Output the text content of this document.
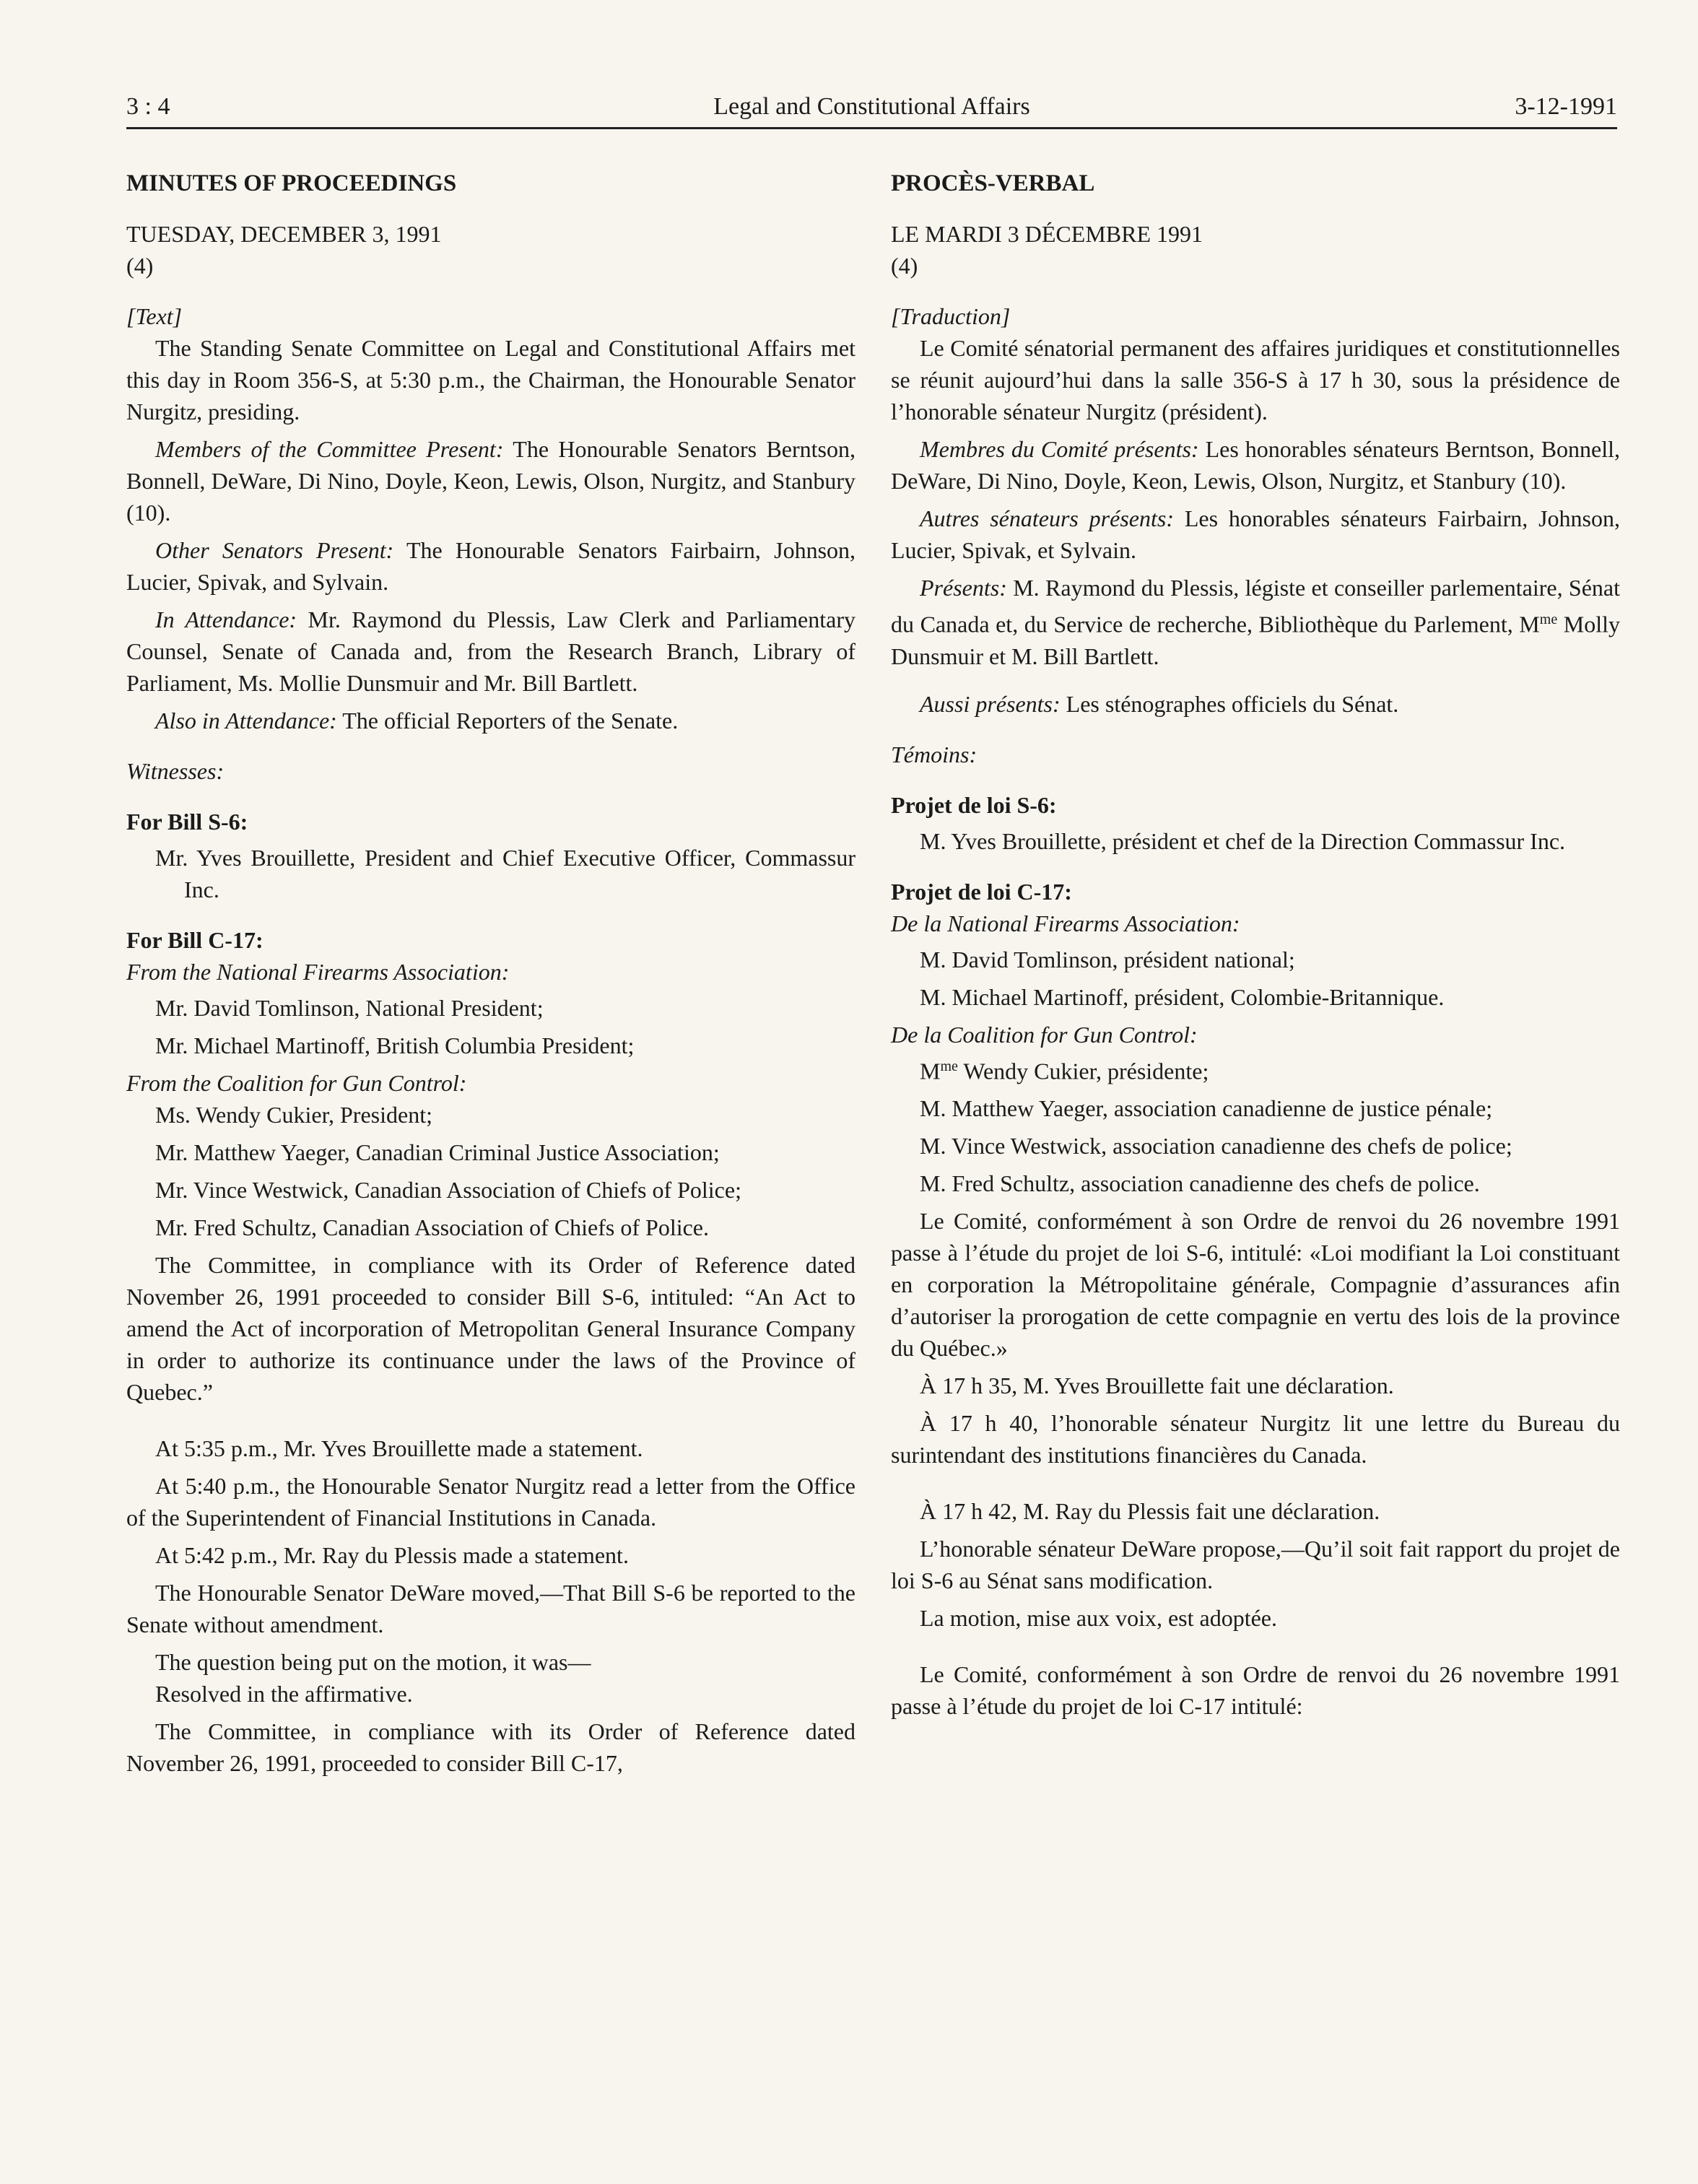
3 : 4	Legal and Constitutional Affairs	3-12-1991

MINUTES OF PROCEEDINGS

TUESDAY, DECEMBER 3, 1991

(4)

[Text]

The Standing Senate Committee on Legal and Constitutional Affairs met this day in Room 356-S, at 5:30 p.m., the Chairman, the Honourable Senator Nurgitz, presiding.

Members of the Committee Present: The Honourable Senators Berntson, Bonnell, DeWare, Di Nino, Doyle, Keon, Lewis, Olson, Nurgitz, and Stanbury (10).

Other Senators Present: The Honourable Senators Fairbairn, Johnson, Lucier, Spivak, and Sylvain.

In Attendance: Mr. Raymond du Plessis, Law Clerk and Parliamentary Counsel, Senate of Canada and, from the Research Branch, Library of Parliament, Ms. Mollie Dunsmuir and Mr. Bill Bartlett.

Also in Attendance: The official Reporters of the Senate.

Witnesses:

For Bill S-6:

Mr. Yves Brouillette, President and Chief Executive Officer, Commassur Inc.

For Bill C-17:

From the National Firearms Association:

Mr. David Tomlinson, National President;

Mr. Michael Martinoff, British Columbia President;

From the Coalition for Gun Control:

Ms. Wendy Cukier, President;

Mr. Matthew Yaeger, Canadian Criminal Justice Association;

Mr. Vince Westwick, Canadian Association of Chiefs of Police;

Mr. Fred Schultz, Canadian Association of Chiefs of Police.

The Committee, in compliance with its Order of Reference dated November 26, 1991 proceeded to consider Bill S-6, intituled: “An Act to amend the Act of incorporation of Metropolitan General Insurance Company in order to authorize its continuance under the laws of the Province of Quebec.”

At 5:35 p.m., Mr. Yves Brouillette made a statement.

At 5:40 p.m., the Honourable Senator Nurgitz read a letter from the Office of the Superintendent of Financial Institutions in Canada.

At 5:42 p.m., Mr. Ray du Plessis made a statement.

The Honourable Senator DeWare moved,—That Bill S-6 be reported to the Senate without amendment.

The question being put on the motion, it was—

Resolved in the affirmative.

The Committee, in compliance with its Order of Reference dated November 26, 1991, proceeded to consider Bill C-17,

PROCÈS-VERBAL

LE MARDI 3 DÉCEMBRE 1991

(4)

[Traduction]

Le Comité sénatorial permanent des affaires juridiques et constitutionnelles se réunit aujourd’hui dans la salle 356-S à 17 h 30, sous la présidence de l’honorable sénateur Nurgitz (président).

Membres du Comité présents: Les honorables sénateurs Berntson, Bonnell, DeWare, Di Nino, Doyle, Keon, Lewis, Olson, Nurgitz, et Stanbury (10).

Autres sénateurs présents: Les honorables sénateurs Fairbairn, Johnson, Lucier, Spivak, et Sylvain.

Présents: M. Raymond du Plessis, légiste et conseiller parlementaire, Sénat du Canada et, du Service de recherche, Bibliothèque du Parlement, $M^{me}$ Molly Dunsmuir et M. Bill Bartlett.

Aussi présents: Les sténographes officiels du Sénat.

Témoins:

Projet de loi S-6:

M. Yves Brouillette, président et chef de la Direction Commassur Inc.

Projet de loi C-17:

De la National Firearms Association:

M. David Tomlinson, président national;

M. Michael Martinoff, président, Colombie-Britannique.

De la Coalition for Gun Control:

$M^{me}$ Wendy Cukier, présidente;

M. Matthew Yaeger, association canadienne de justice pénale;

M. Vince Westwick, association canadienne des chefs de police;

M. Fred Schultz, association canadienne des chefs de police.

Le Comité, conformément à son Ordre de renvoi du 26 novembre 1991 passe à l’étude du projet de loi S-6, intitulé: «Loi modifiant la Loi constituant en corporation la Métropolitaine générale, Compagnie d’assurances afin d’autoriser la prorogation de cette compagnie en vertu des lois de la province du Québec.»

À 17 h 35, M. Yves Brouillette fait une déclaration.

À 17 h 40, l’honorable sénateur Nurgitz lit une lettre du Bureau du surintendant des institutions financières du Canada.

À 17 h 42, M. Ray du Plessis fait une déclaration.

L’honorable sénateur DeWare propose,—Qu’il soit fait rapport du projet de loi S-6 au Sénat sans modification.

La motion, mise aux voix, est adoptée.

Le Comité, conformément à son Ordre de renvoi du 26 novembre 1991 passe à l’étude du projet de loi C-17 intitulé:
